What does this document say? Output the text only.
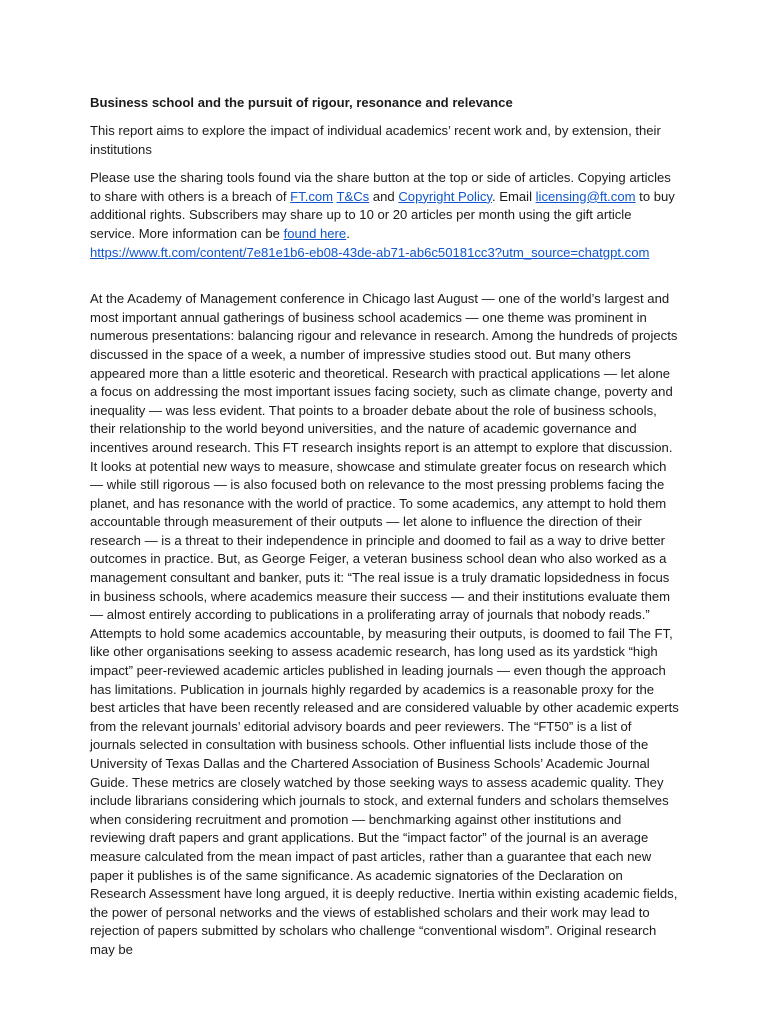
Business school and the pursuit of rigour, resonance and relevance
This report aims to explore the impact of individual academics’ recent work and, by extension, their institutions
Please use the sharing tools found via the share button at the top or side of articles. Copying articles to share with others is a breach of FT.com T&Cs and Copyright Policy. Email licensing@ft.com to buy additional rights. Subscribers may share up to 10 or 20 articles per month using the gift article service. More information can be found here.
https://www.ft.com/content/7e81e1b6-eb08-43de-ab71-ab6c50181cc3?utm_source=chatgpt.com
At the Academy of Management conference in Chicago last August — one of the world’s largest and most important annual gatherings of business school academics — one theme was prominent in numerous presentations: balancing rigour and relevance in research. Among the hundreds of projects discussed in the space of a week, a number of impressive studies stood out. But many others appeared more than a little esoteric and theoretical. Research with practical applications — let alone a focus on addressing the most important issues facing society, such as climate change, poverty and inequality — was less evident. That points to a broader debate about the role of business schools, their relationship to the world beyond universities, and the nature of academic governance and incentives around research. This FT research insights report is an attempt to explore that discussion. It looks at potential new ways to measure, showcase and stimulate greater focus on research which — while still rigorous — is also focused both on relevance to the most pressing problems facing the planet, and has resonance with the world of practice. To some academics, any attempt to hold them accountable through measurement of their outputs — let alone to influence the direction of their research — is a threat to their independence in principle and doomed to fail as a way to drive better outcomes in practice. But, as George Feiger, a veteran business school dean who also worked as a management consultant and banker, puts it: “The real issue is a truly dramatic lopsidedness in focus in business schools, where academics measure their success — and their institutions evaluate them — almost entirely according to publications in a proliferating array of journals that nobody reads.” Attempts to hold some academics accountable, by measuring their outputs, is doomed to fail The FT, like other organisations seeking to assess academic research, has long used as its yardstick “high impact” peer-reviewed academic articles published in leading journals — even though the approach has limitations. Publication in journals highly regarded by academics is a reasonable proxy for the best articles that have been recently released and are considered valuable by other academic experts from the relevant journals’ editorial advisory boards and peer reviewers. The “FT50” is a list of journals selected in consultation with business schools. Other influential lists include those of the University of Texas Dallas and the Chartered Association of Business Schools’ Academic Journal Guide. These metrics are closely watched by those seeking ways to assess academic quality. They include librarians considering which journals to stock, and external funders and scholars themselves when considering recruitment and promotion — benchmarking against other institutions and reviewing draft papers and grant applications. But the “impact factor” of the journal is an average measure calculated from the mean impact of past articles, rather than a guarantee that each new paper it publishes is of the same significance. As academic signatories of the Declaration on Research Assessment have long argued, it is deeply reductive. Inertia within existing academic fields, the power of personal networks and the views of established scholars and their work may lead to rejection of papers submitted by scholars who challenge “conventional wisdom”. Original research may be
